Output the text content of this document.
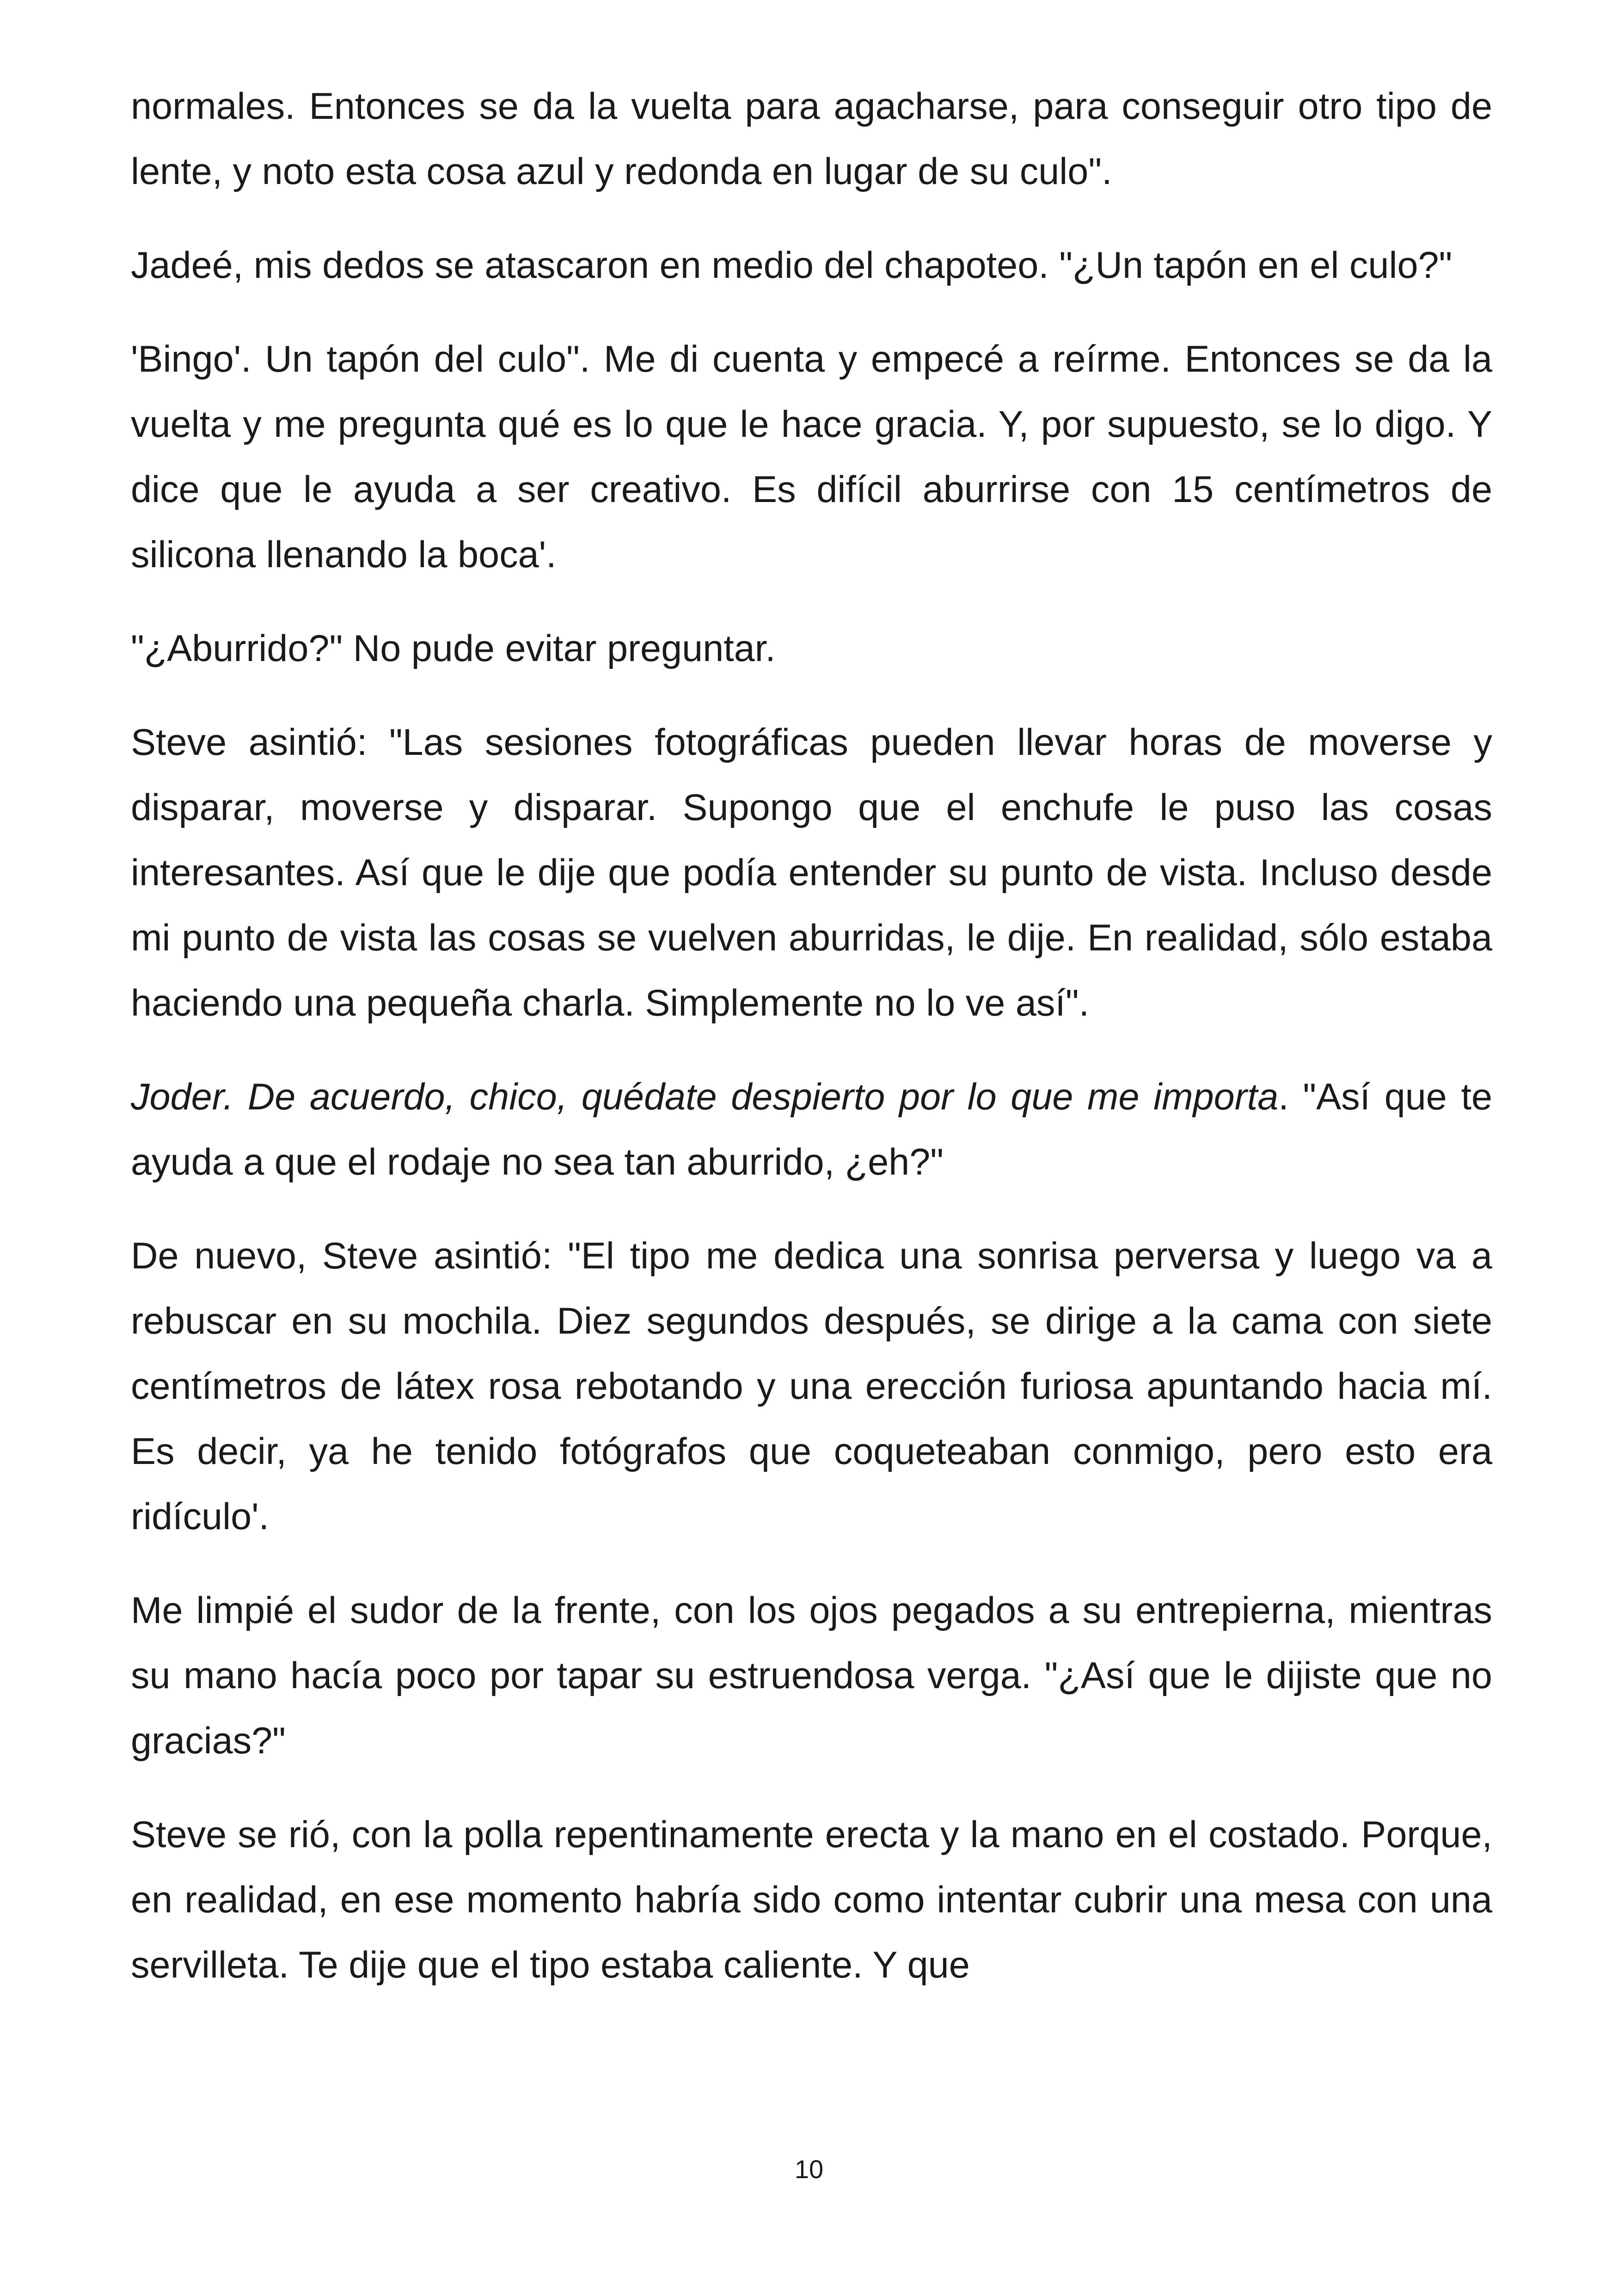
normales. Entonces se da la vuelta para agacharse, para conseguir otro tipo de lente, y noto esta cosa azul y redonda en lugar de su culo".

Jadeé, mis dedos se atascaron en medio del chapoteo. "¿Un tapón en el culo?"

'Bingo'. Un tapón del culo". Me di cuenta y empecé a reírme. Entonces se da la vuelta y me pregunta qué es lo que le hace gracia. Y, por supuesto, se lo digo. Y dice que le ayuda a ser creativo. Es difícil aburrirse con 15 centímetros de silicona llenando la boca'.

"¿Aburrido?" No pude evitar preguntar.

Steve asintió: "Las sesiones fotográficas pueden llevar horas de moverse y disparar, moverse y disparar. Supongo que el enchufe le puso las cosas interesantes. Así que le dije que podía entender su punto de vista. Incluso desde mi punto de vista las cosas se vuelven aburridas, le dije. En realidad, sólo estaba haciendo una pequeña charla. Simplemente no lo ve así".

Joder. De acuerdo, chico, quédate despierto por lo que me importa. "Así que te ayuda a que el rodaje no sea tan aburrido, ¿eh?"

De nuevo, Steve asintió: "El tipo me dedica una sonrisa perversa y luego va a rebuscar en su mochila. Diez segundos después, se dirige a la cama con siete centímetros de látex rosa rebotando y una erección furiosa apuntando hacia mí. Es decir, ya he tenido fotógrafos que coqueteaban conmigo, pero esto era ridículo'.

Me limpié el sudor de la frente, con los ojos pegados a su entrepierna, mientras su mano hacía poco por tapar su estruendosa verga. "¿Así que le dijiste que no gracias?"

Steve se rió, con la polla repentinamente erecta y la mano en el costado. Porque, en realidad, en ese momento habría sido como intentar cubrir una mesa con una servilleta. Te dije que el tipo estaba caliente. Y que

10
